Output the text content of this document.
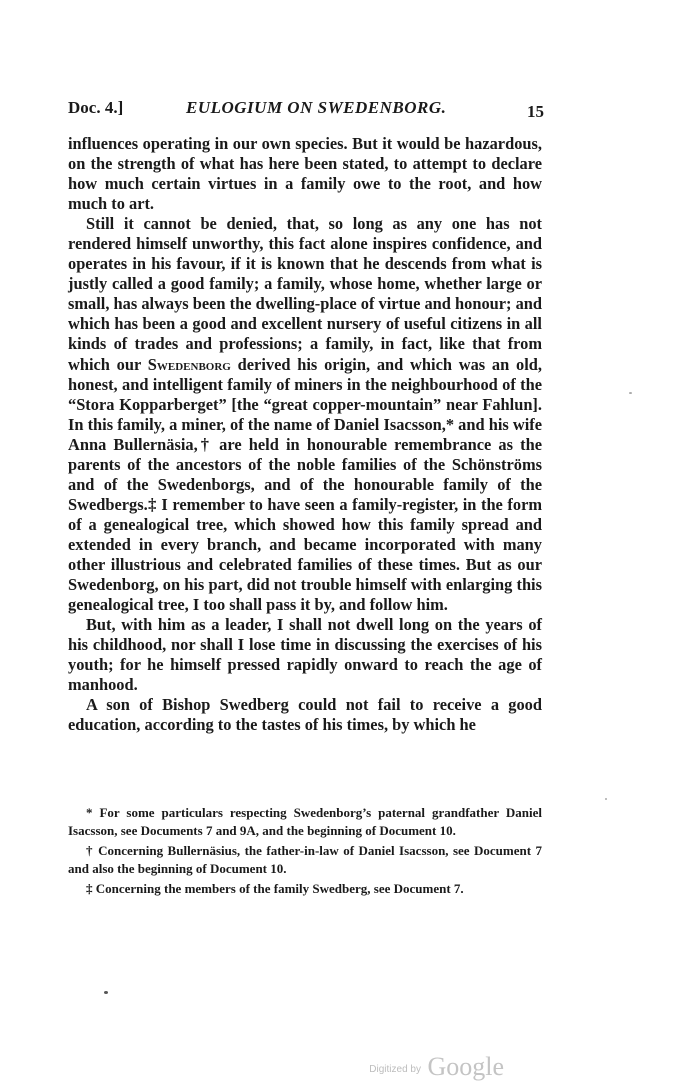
Doc. 4.]	EULOGIUM ON SWEDENBORG.	15

influences operating in our own species. But it would be hazardous, on the strength of what has here been stated, to attempt to declare how much certain virtues in a family owe to the root, and how much to art.

Still it cannot be denied, that, so long as any one has not rendered himself unworthy, this fact alone inspires confidence, and operates in his favour, if it is known that he descends from what is justly called a good family; a family, whose home, whether large or small, has always been the dwelling-place of virtue and honour; and which has been a good and excellent nursery of useful citizens in all kinds of trades and professions; a family, in fact, like that from which our Swedenborg derived his origin, and which was an old, honest, and intelligent family of miners in the neighbourhood of the “Stora Kopparberget” [the “great copper-mountain” near Fahlun]. In this family, a miner, of the name of Daniel Isacsson,* and his wife Anna Bullernäsia,† are held in honourable remembrance as the parents of the ancestors of the noble families of the Schönströms and of the Swedenborgs, and of the honourable family of the Swedbergs.‡ I remember to have seen a family-register, in the form of a genealogical tree, which showed how this family spread and extended in every branch, and became incorporated with many other illustrious and celebrated families of these times. But as our Swedenborg, on his part, did not trouble himself with enlarging this genealogical tree, I too shall pass it by, and follow him.

But, with him as a leader, I shall not dwell long on the years of his childhood, nor shall I lose time in discussing the exercises of his youth; for he himself pressed rapidly onward to reach the age of manhood.

A son of Bishop Swedberg could not fail to receive a good education, according to the tastes of his times, by which he

* For some particulars respecting Swedenborg’s paternal grandfather Daniel Isacsson, see Documents 7 and 9A, and the beginning of Document 10.

† Concerning Bullernäsius, the father-in-law of Daniel Isacsson, see Document 7 and also the beginning of Document 10.

‡ Concerning the members of the family Swedberg, see Document 7.

Digitized by Google
